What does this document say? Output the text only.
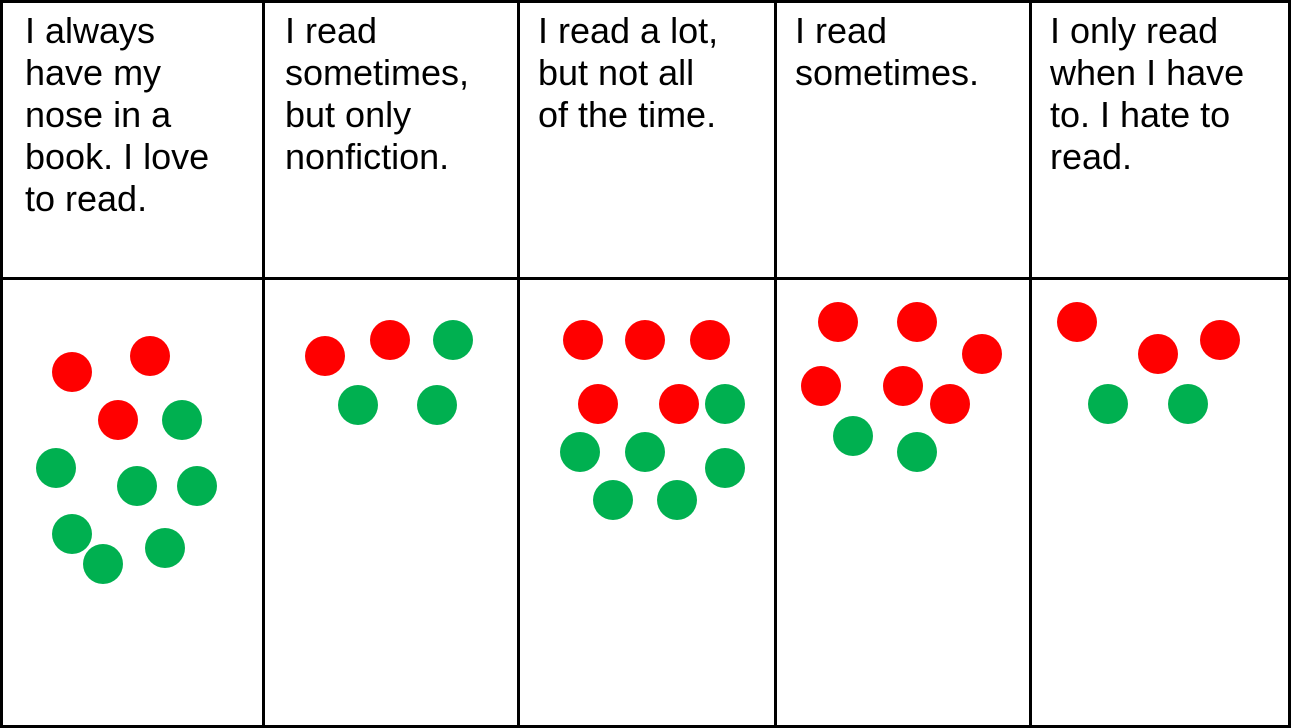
I always
have my
nose in a
book. I love
to read.
I read
sometimes,
but only
nonfiction.
I read a lot,
but not all
of the time.
I read
sometimes.
I only read
when I have
to. I hate to
read.
